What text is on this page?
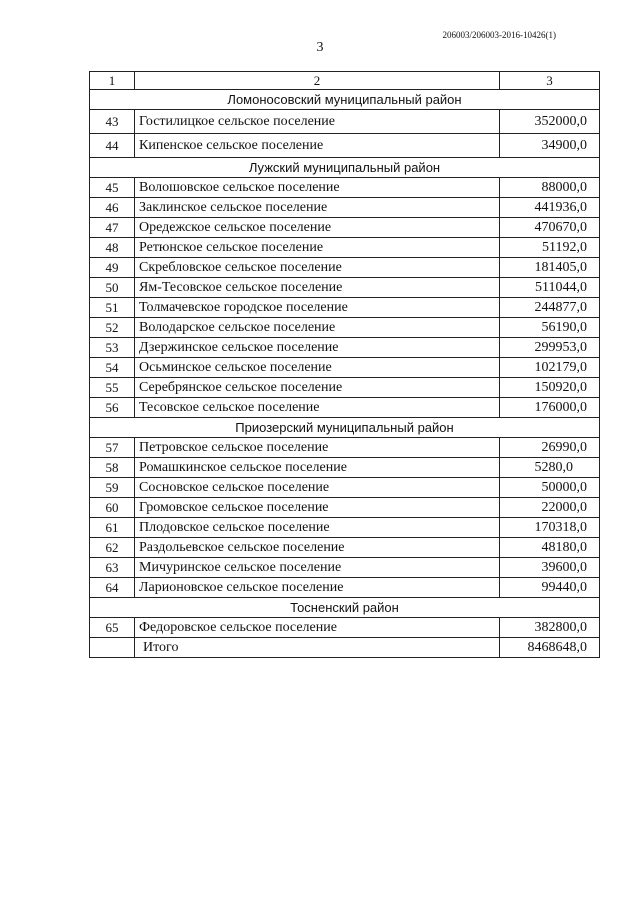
206003/206003-2016-10426(1)
3
1	2	3
Ломоносовский муниципальный район		
43	Гостилицкое сельское поселение	352000,0
44	Кипенское сельское поселение	34900,0
Лужский муниципальный район		
45	Волошовское сельское поселение	88000,0
46	Заклинское сельское поселение	441936,0
47	Оредежское сельское поселение	470670,0
48	Ретюнское сельское поселение	51192,0
49	Скребловское сельское поселение	181405,0
50	Ям-Тесовское сельское поселение	511044,0
51	Толмачевское городское поселение	244877,0
52	Володарское сельское поселение	56190,0
53	Дзержинское сельское поселение	299953,0
54	Осьминское сельское поселение	102179,0
55	Серебрянское сельское поселение	150920,0
56	Тесовское сельское поселение	176000,0
Приозерский муниципальный район		
57	Петровское сельское поселение	26990,0
58	Ромашкинское сельское поселение	5280,0
59	Сосновское сельское поселение	50000,0
60	Громовское сельское поселение	22000,0
61	Плодовское сельское поселение	170318,0
62	Раздольевское сельское поселение	48180,0
63	Мичуринское сельское поселение	39600,0
64	Ларионовское сельское поселение	99440,0
Тосненский район		
65	Федоровское сельское поселение	382800,0
	Итого	8468648,0
